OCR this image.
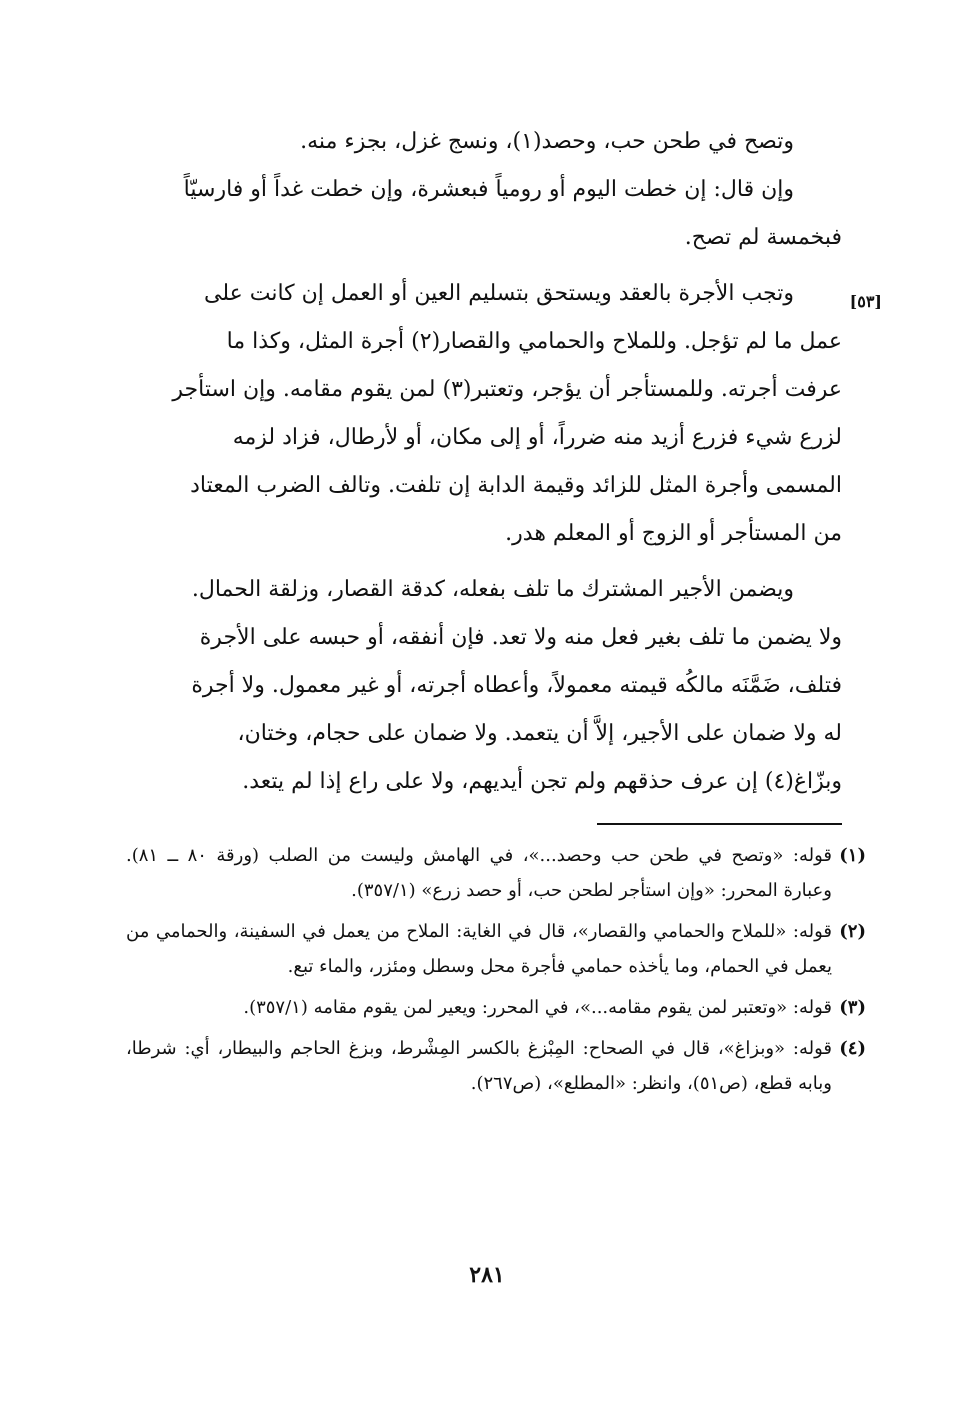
وتصح في طحن حب، وحصد(١)، ونسج غزل، بجزء منه.

وإن قال: إن خطت اليوم أو رومياً فبعشرة، وإن خطت غداً أو فارسيّاً
فبخمسة لم تصح.

وتجب الأجرة بالعقد ويستحق بتسليم العين أو العمل إن كانت على
عمل ما لم تؤجل. وللملاح والحمامي والقصار(٢) أجرة المثل، وكذا ما
عرفت أجرته. وللمستأجر أن يؤجر، وتعتبر(٣) لمن يقوم مقامه. وإن استأجر
لزرع شيء فزرع أزيد منه ضرراً، أو إلى مكان، أو لأرطال، فزاد لزمه
المسمى وأجرة المثل للزائد وقيمة الدابة إن تلفت. وتالف الضرب المعتاد
من المستأجر أو الزوج أو المعلم هدر.

ويضمن الأجير المشترك ما تلف بفعله، كدقة القصار، وزلقة الحمال.
ولا يضمن ما تلف بغير فعل منه ولا تعد. فإن أنفقه، أو حبسه على الأجرة
فتلف، ضَمَّنَه مالكُه قيمته معمولاً، وأعطاه أجرته، أو غير معمول. ولا أجرة
له ولا ضمان على الأجير، إلاَّ أن يتعمد. ولا ضمان على حجام، وختان،
وبزّاغ(٤) إن عرف حذقهم ولم تجن أيديهم، ولا على راع إذا لم يتعد.

[٥٣]
(١)
قوله: «وتصح في طحن حب وحصد...»، في الهامش وليست من الصلب (ورقة ٨٠ ــ ٨١). وعبارة المحرر: «وإن استأجر لطحن حب، أو حصد زرع» (٣٥٧/١).
(٢)
قوله: «للملاح والحمامي والقصار»، قال في الغاية: الملاح من يعمل في السفينة، والحمامي من يعمل في الحمام، وما يأخذه حمامي فأجرة محل وسطل ومئزر، والماء تبع.
(٣)
قوله: «وتعتبر لمن يقوم مقامه...»، في المحرر: ويعير لمن يقوم مقامه (٣٥٧/١).
(٤)
قوله: «وبزاغ»، قال في الصحاح: المِبْزغ بالكسر المِشْرط، وبزغ الحاجم والبيطار، أي: شرطا، وبابه قطع، (ص٥١)، وانظر: «المطلع»، (ص٢٦٧).
٢٨١
